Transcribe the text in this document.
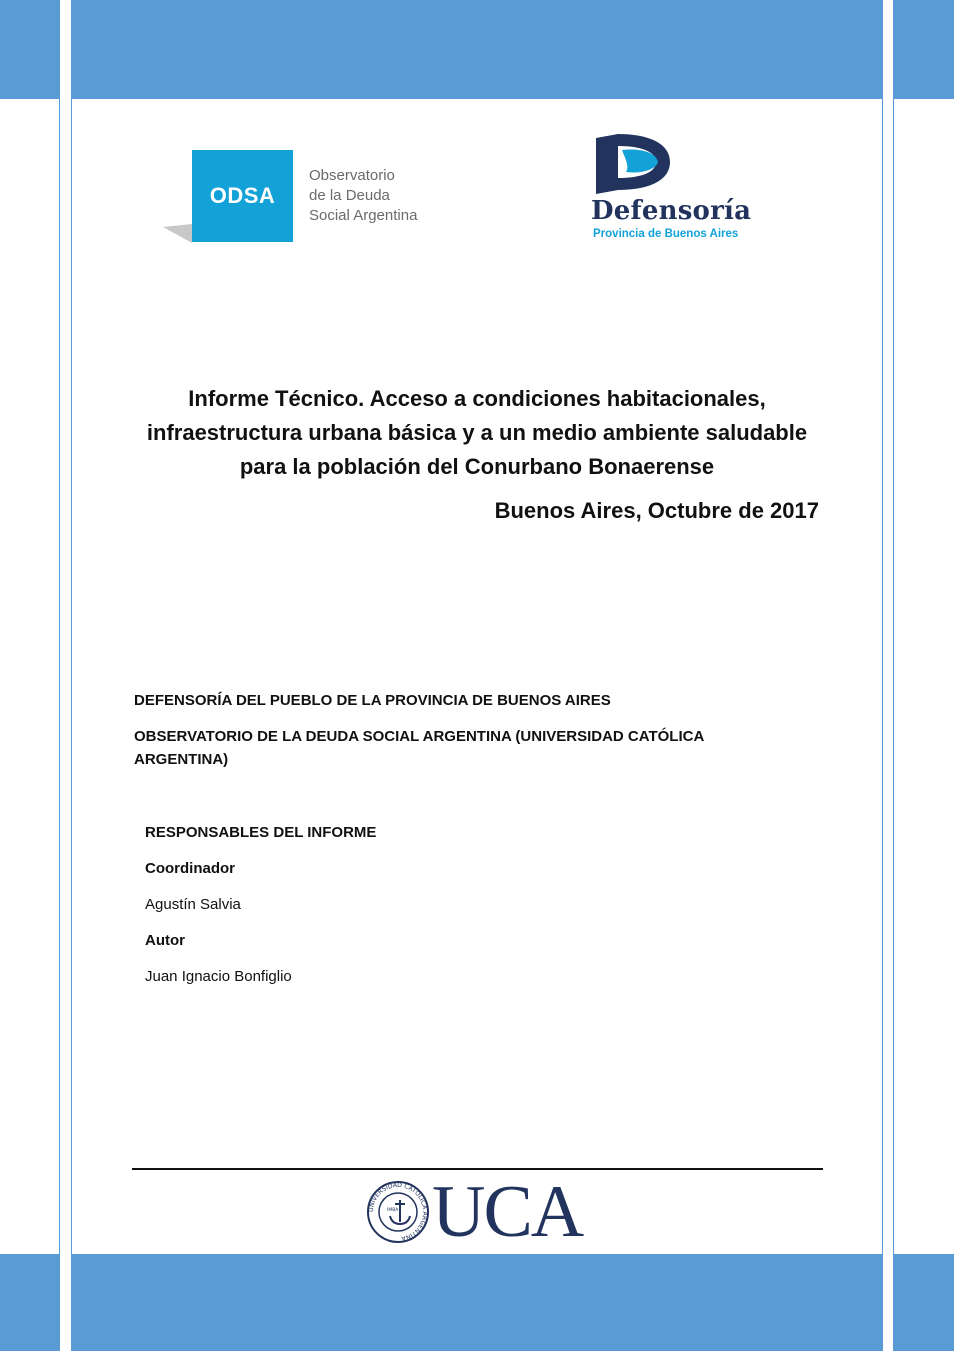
ODSA
Observatorio
de la Deuda
Social Argentina	Defensoría
Provincia de Buenos Aires
Informe Técnico. Acceso a condiciones habitacionales,
infraestructura urbana básica y a un medio ambiente saludable
para la población del Conurbano Bonaerense
Buenos Aires, Octubre de 2017
DEFENSORÍA DEL PUEBLO DE LA PROVINCIA DE BUENOS AIRES
OBSERVATORIO DE LA DEUDA SOCIAL ARGENTINA (UNIVERSIDAD CATÓLICA ARGENTINA)
RESPONSABLES DEL INFORME
Coordinador
Agustín Salvia
Autor
Juan Ignacio Bonfiglio
UNIVERSIDAD CATÓLICA ARGENTINA
IMBA UCA
